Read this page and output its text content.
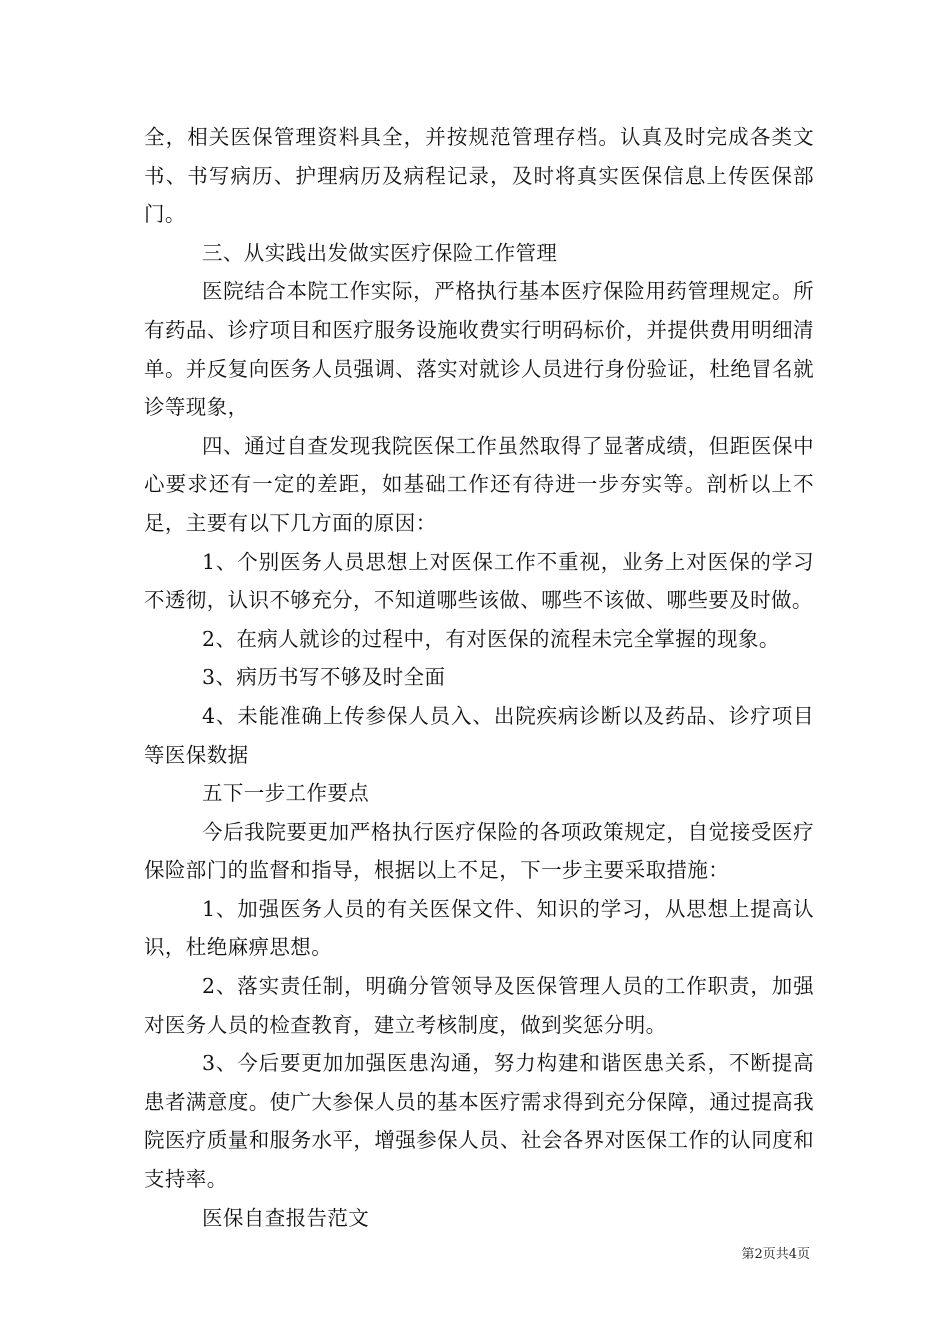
全，相关医保管理资料具全，并按规范管理存档。认真及时完成各类文书、书写病历、护理病历及病程记录，及时将真实医保信息上传医保部门。

三、从实践出发做实医疗保险工作管理

医院结合本院工作实际，严格执行基本医疗保险用药管理规定。所有药品、诊疗项目和医疗服务设施收费实行明码标价，并提供费用明细清单。并反复向医务人员强调、落实对就诊人员进行身份验证，杜绝冒名就诊等现象，

四、通过自查发现我院医保工作虽然取得了显著成绩，但距医保中心要求还有一定的差距，如基础工作还有待进一步夯实等。剖析以上不足，主要有以下几方面的原因：

1、个别医务人员思想上对医保工作不重视，业务上对医保的学习不透彻，认识不够充分，不知道哪些该做、哪些不该做、哪些要及时做。

2、在病人就诊的过程中，有对医保的流程未完全掌握的现象。

3、病历书写不够及时全面

4、未能准确上传参保人员入、出院疾病诊断以及药品、诊疗项目等医保数据

五下一步工作要点

今后我院要更加严格执行医疗保险的各项政策规定，自觉接受医疗保险部门的监督和指导，根据以上不足，下一步主要采取措施：

1、加强医务人员的有关医保文件、知识的学习，从思想上提高认识，杜绝麻痹思想。

2、落实责任制，明确分管领导及医保管理人员的工作职责，加强对医务人员的检查教育，建立考核制度，做到奖惩分明。

3、今后要更加加强医患沟通，努力构建和谐医患关系，不断提高患者满意度。使广大参保人员的基本医疗需求得到充分保障，通过提高我院医疗质量和服务水平，增强参保人员、社会各界对医保工作的认同度和支持率。

医保自查报告范文

第2页共4页
